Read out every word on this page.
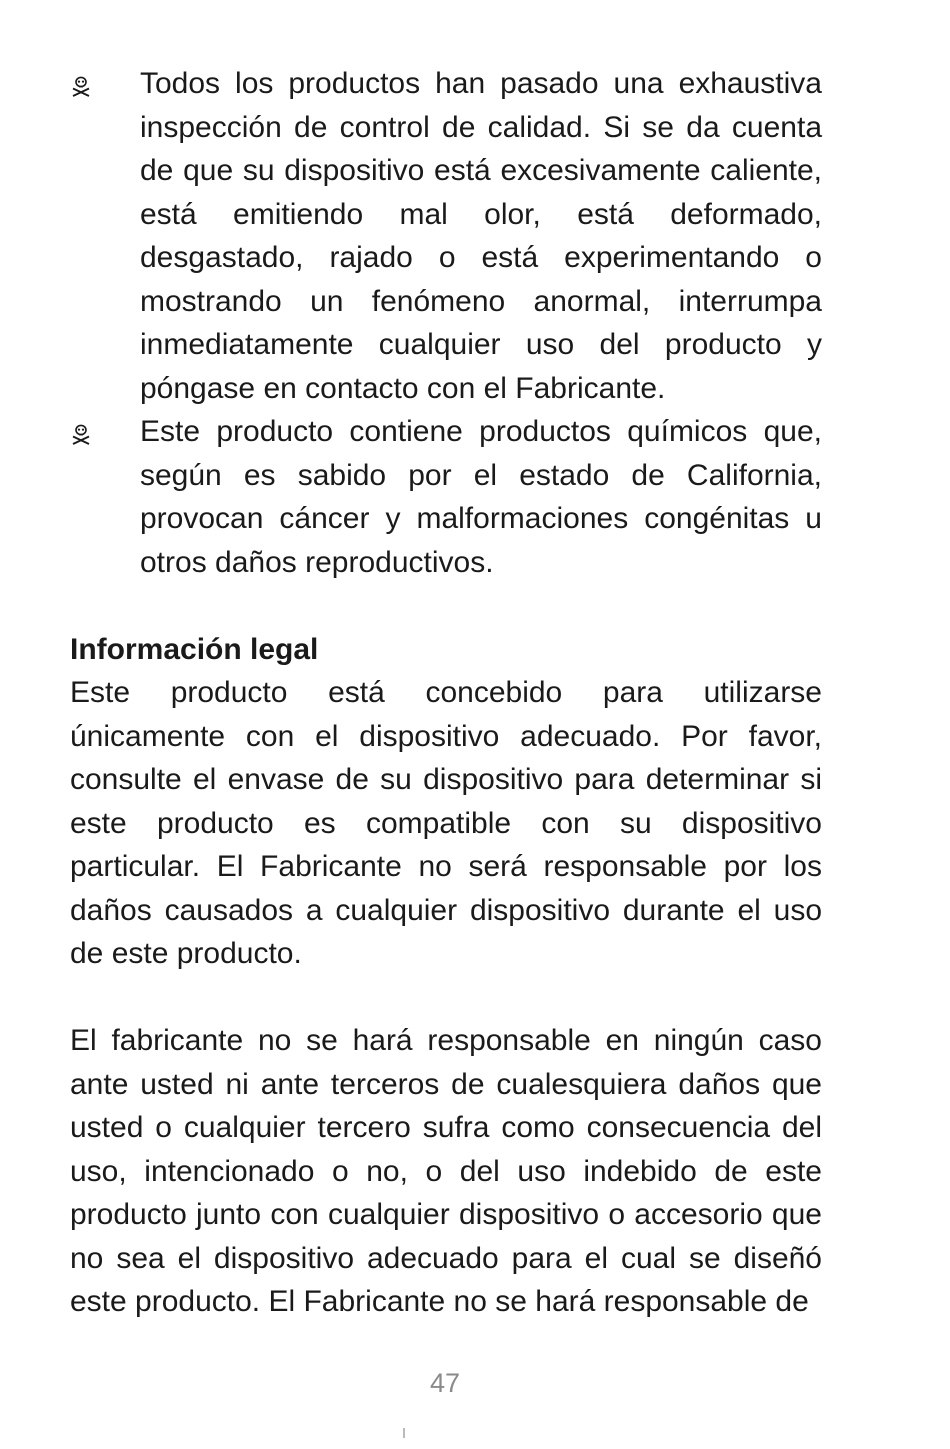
Todos los productos han pasado una exhaustiva inspección de control de calidad. Si se da cuenta de que su dispositivo está excesivamente caliente, está emitiendo mal olor, está deformado, desgastado, rajado o está experimentando o mostrando un fenómeno anormal, interrumpa inmediatamente cualquier uso del producto y póngase en contacto con el Fabricante.

Este producto contiene productos químicos que, según es sabido por el estado de California, provocan cáncer y malformaciones congénitas u otros daños reproductivos.

Información legal

Este producto está concebido para utilizarse únicamente con el dispositivo adecuado. Por favor, consulte el envase de su dispositivo para determinar si este producto es compatible con su dispositivo particular. El Fabricante no será responsable por los daños causados a cualquier dispositivo durante el uso de este producto.

El fabricante no se hará responsable en ningún caso ante usted ni ante terceros de cualesquiera daños que usted o cualquier tercero sufra como consecuencia del uso, intencionado o no, o del uso indebido de este producto junto con cualquier dispositivo o accesorio que no sea el dispositivo adecuado para el cual se diseñó este producto. El Fabricante no se hará responsable de

47
